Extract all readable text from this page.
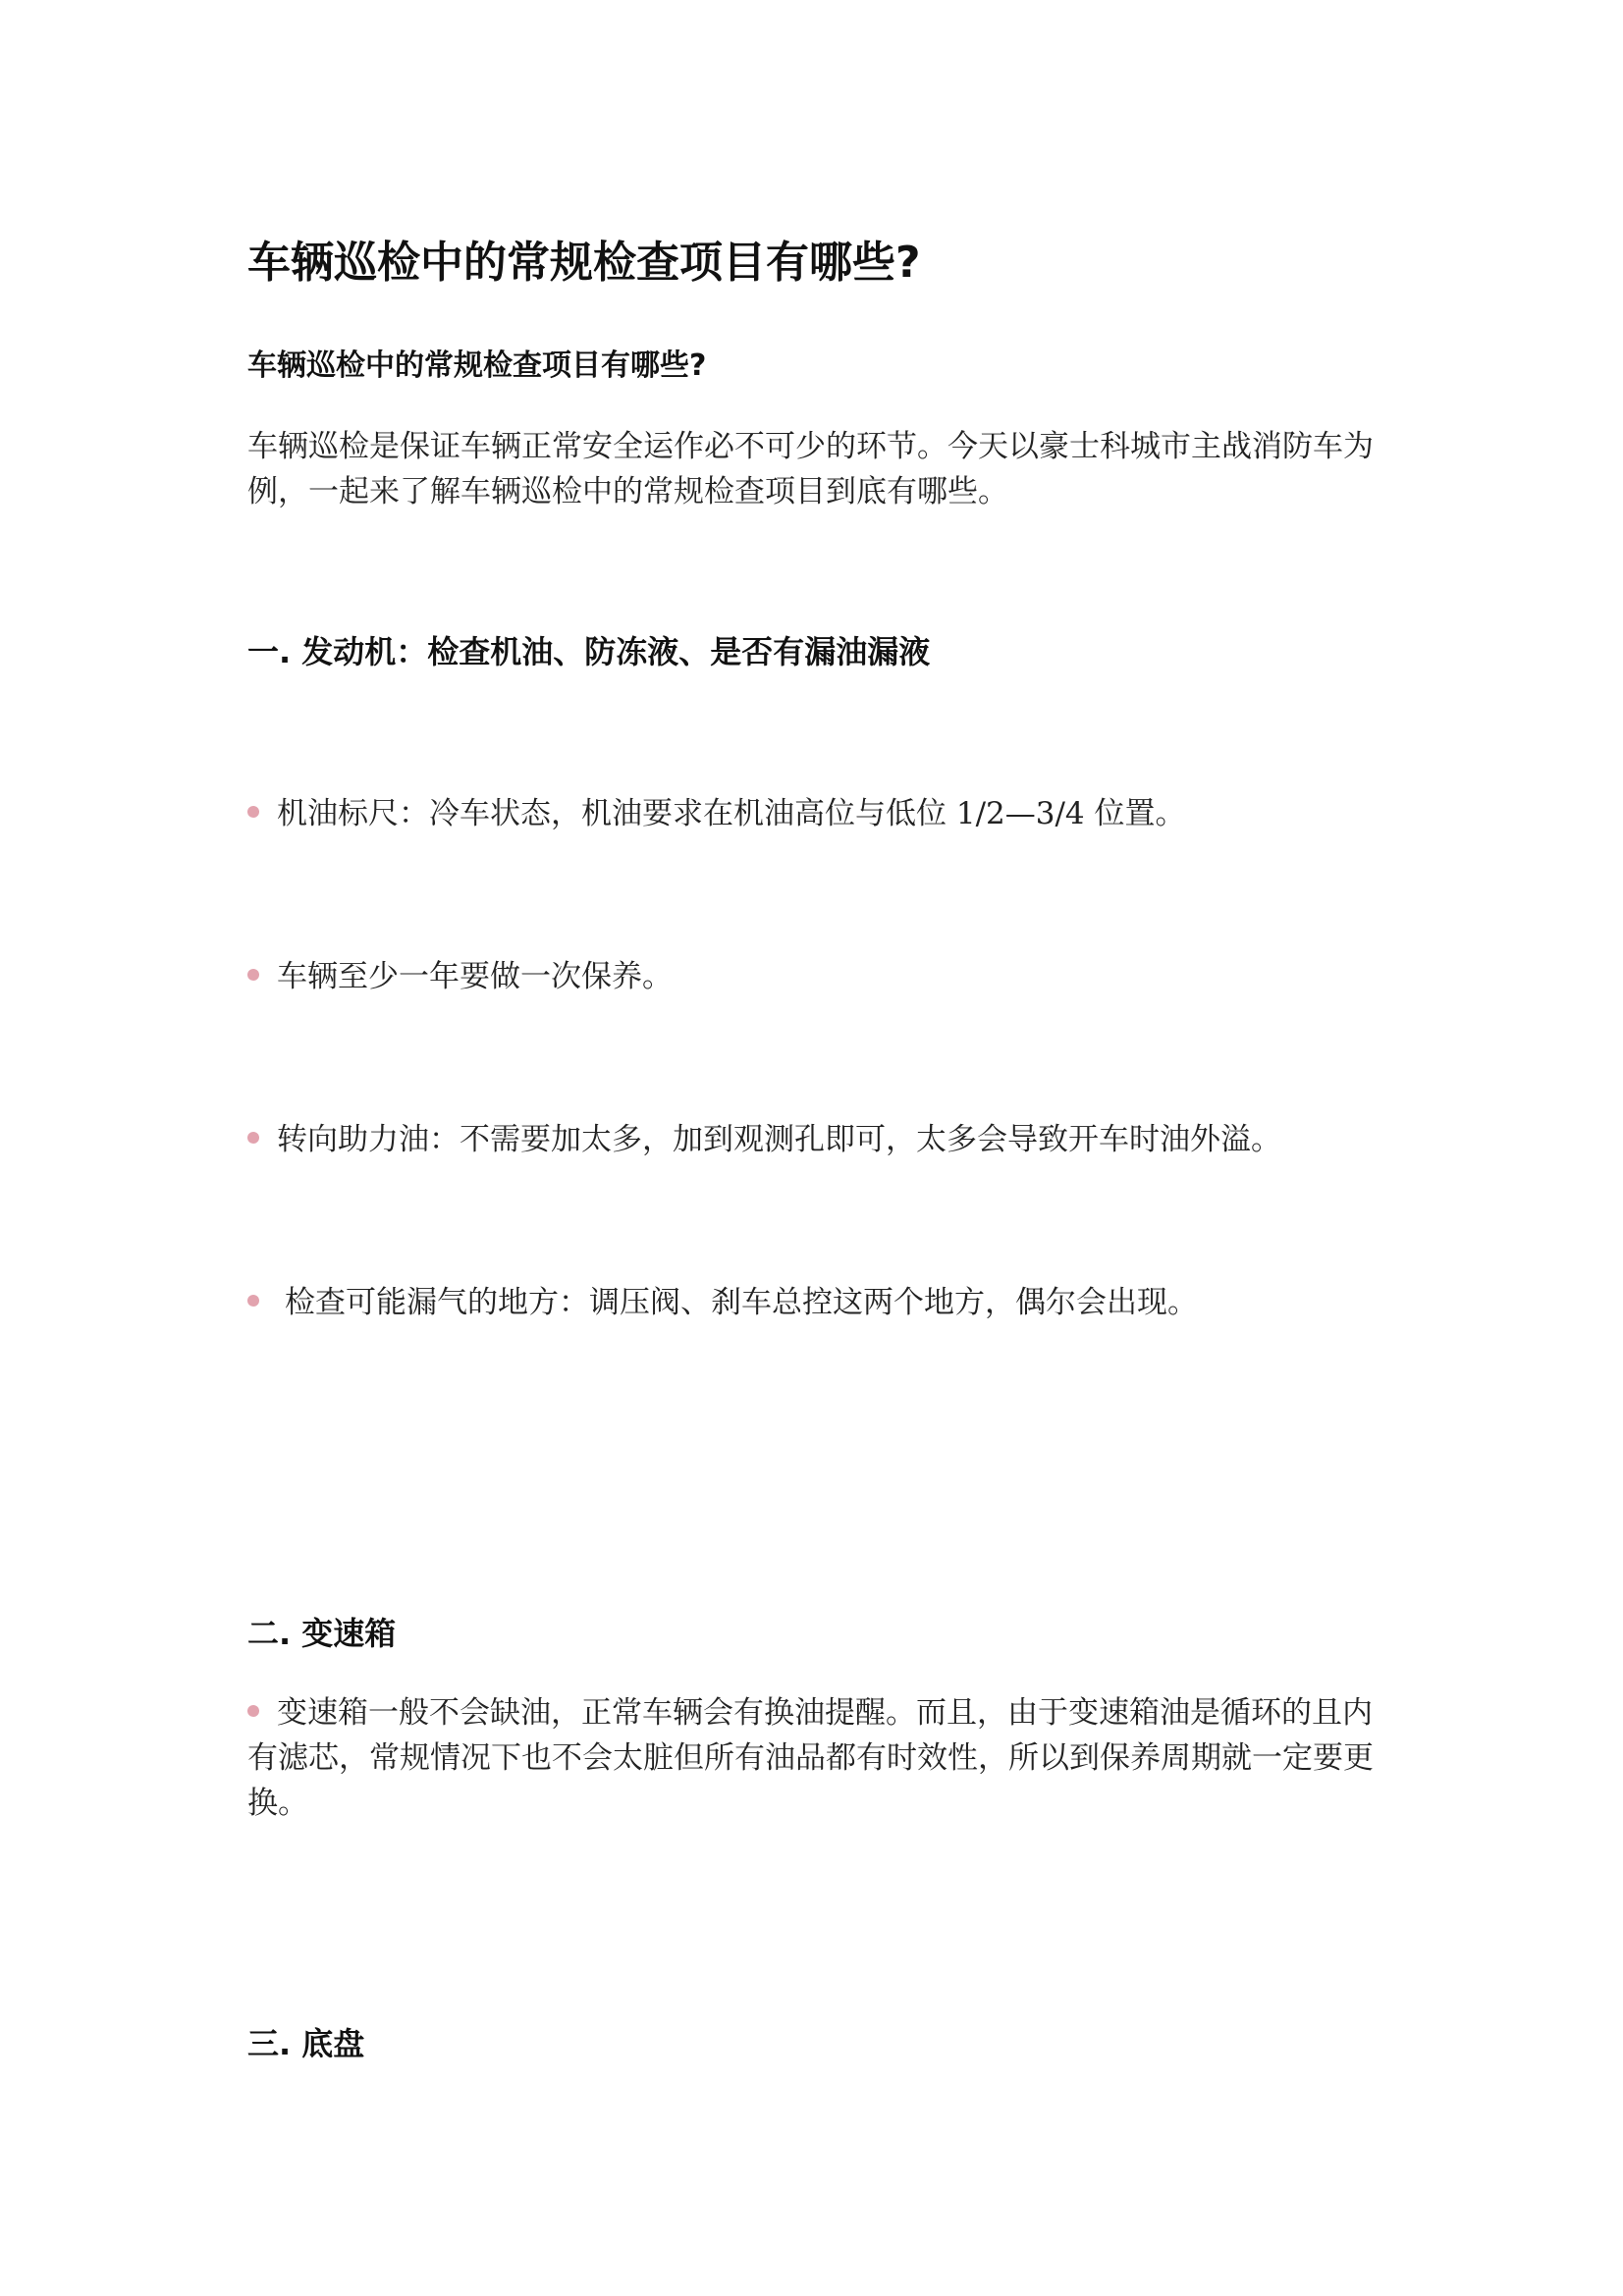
车辆巡检中的常规检查项目有哪些?
车辆巡检中的常规检查项目有哪些?

车辆巡检是保证车辆正常安全运作必不可少的环节。今天以豪士科城市主战消防车为例，一起来了解车辆巡检中的常规检查项目到底有哪些。

一. 发动机：检查机油、防冻液、是否有漏油漏液

机油标尺：冷车状态，机油要求在机油高位与低位 1/2—3/4 位置。

车辆至少一年要做一次保养。

转向助力油：不需要加太多，加到观测孔即可，太多会导致开车时油外溢。

检查可能漏气的地方：调压阀、刹车总控这两个地方，偶尔会出现。

二. 变速箱

变速箱一般不会缺油，正常车辆会有换油提醒。而且，由于变速箱油是循环的且内有滤芯，常规情况下也不会太脏但所有油品都有时效性，所以到保养周期就一定要更换。

三. 底盘
